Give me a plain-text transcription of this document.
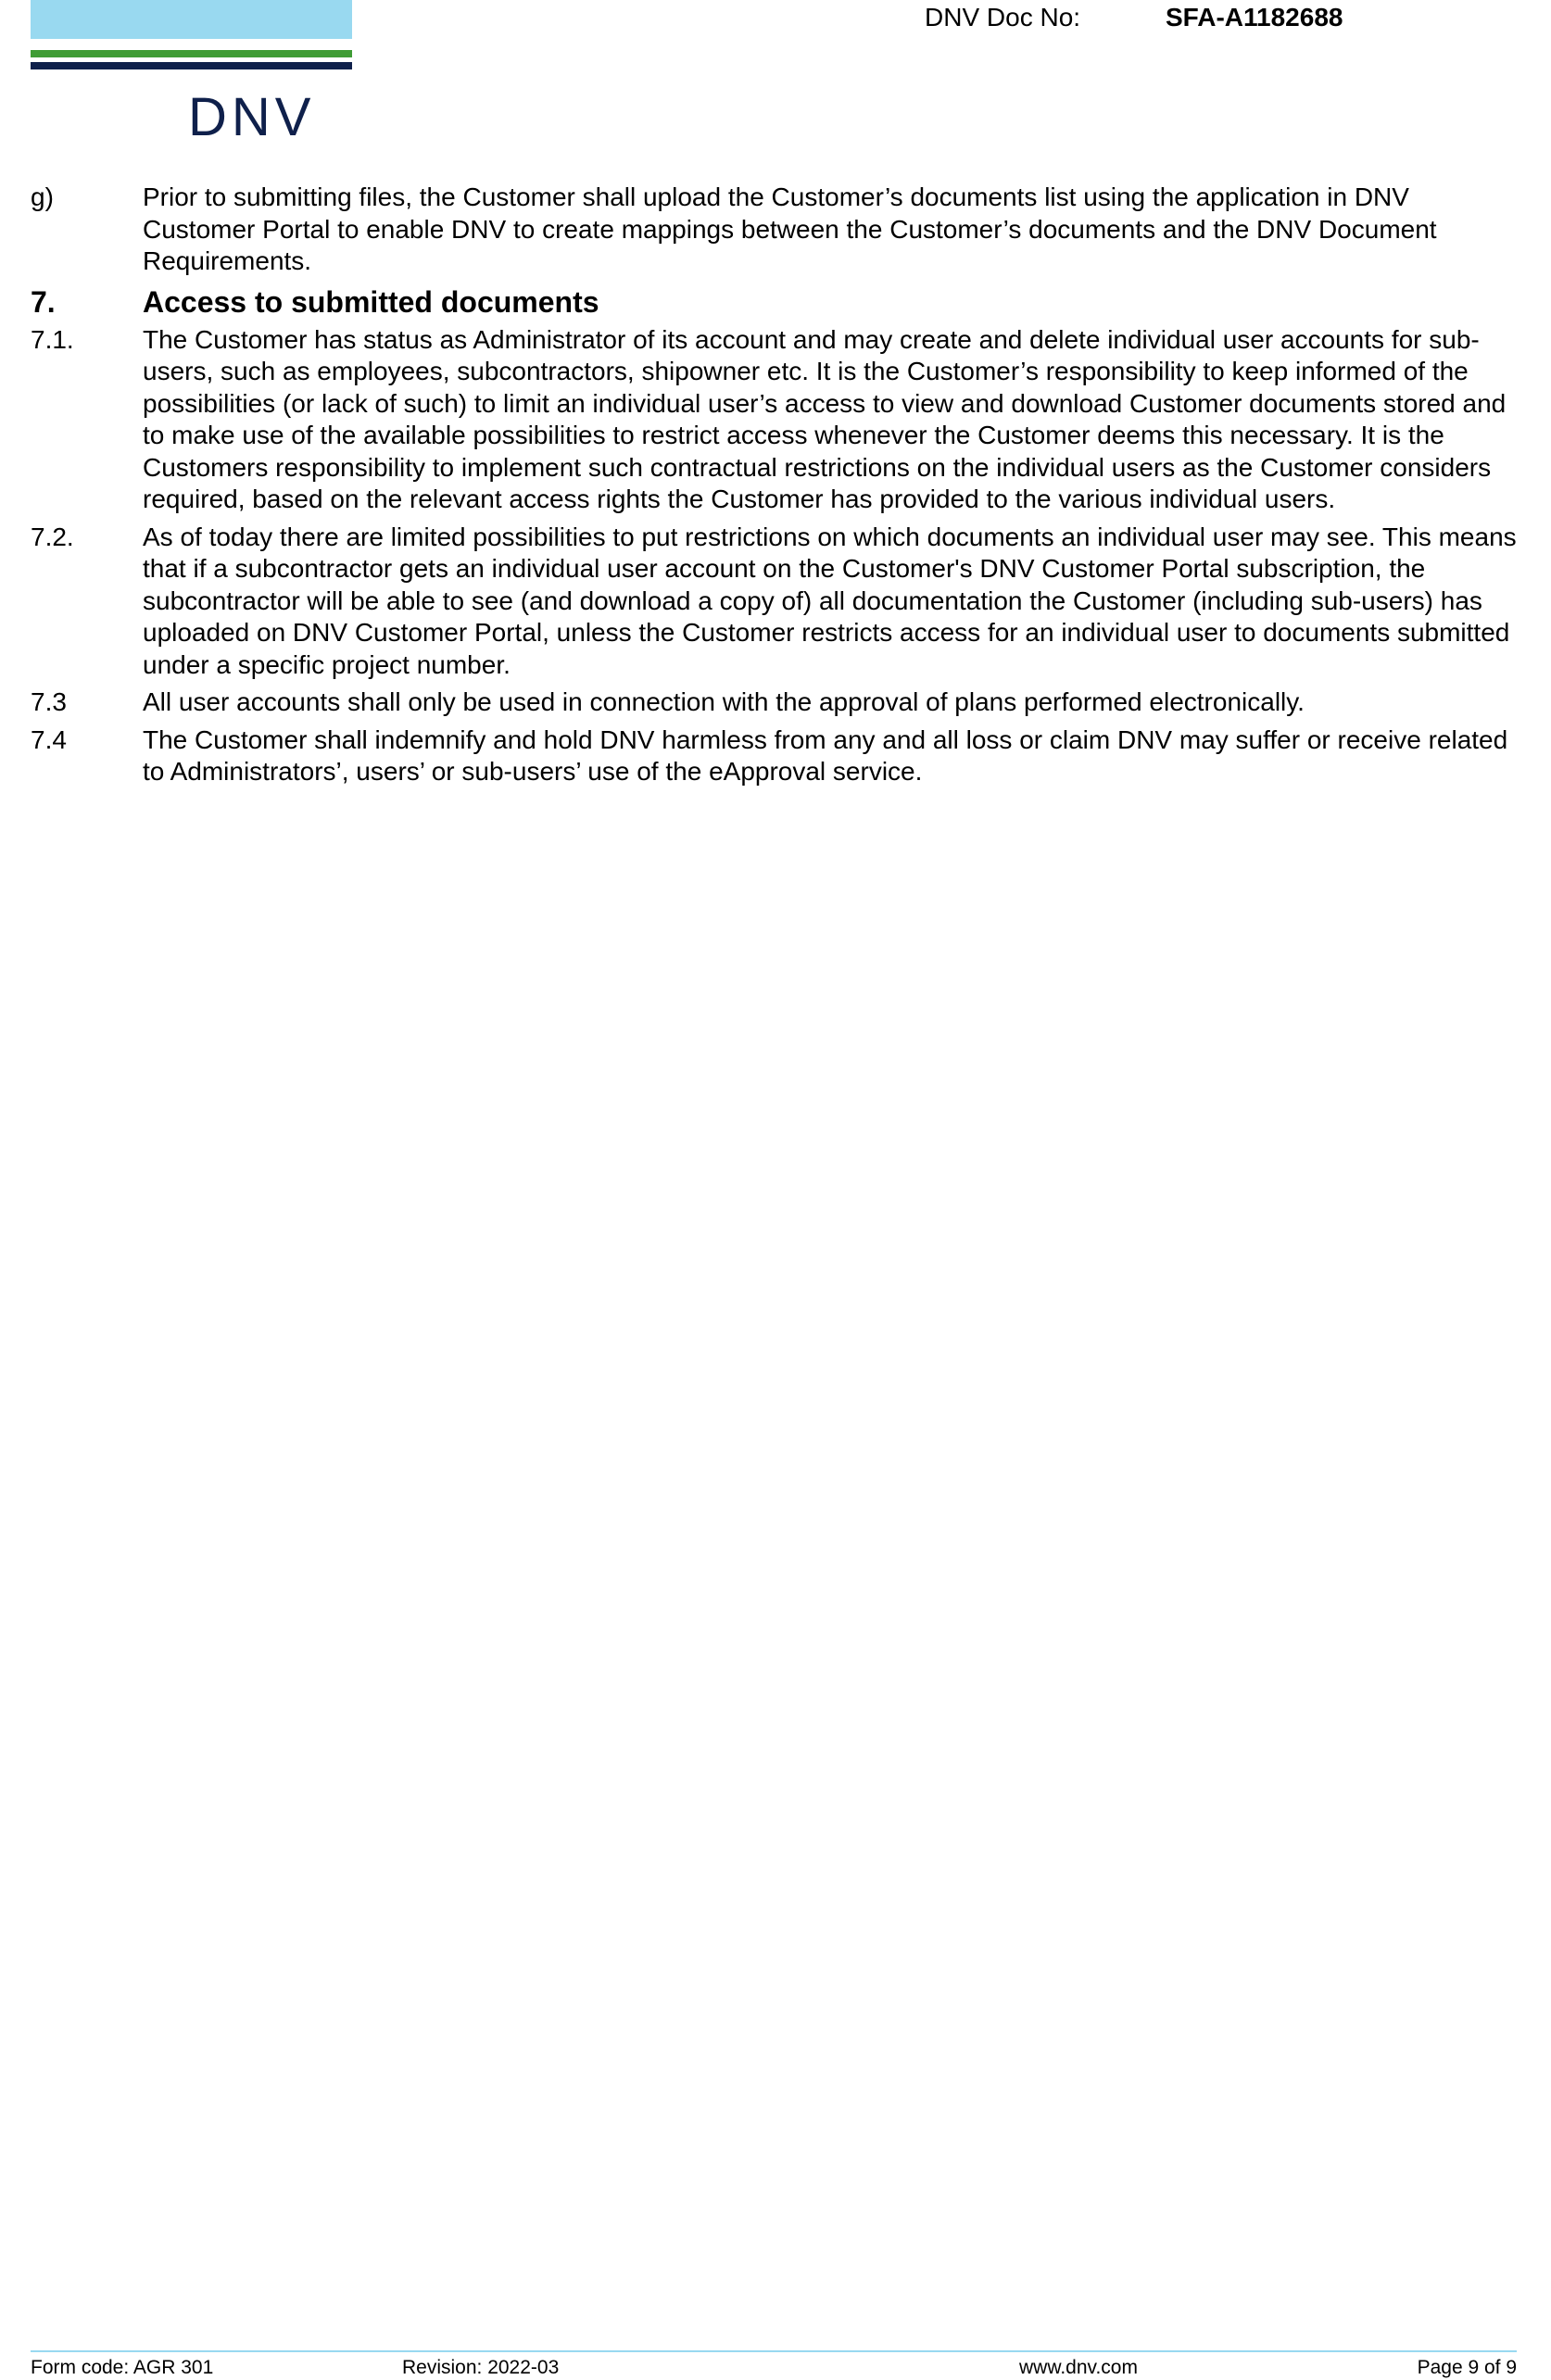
DNV
DNV Doc No:	SFA-A1182688
g)	Prior to submitting files, the Customer shall upload the Customer’s documents list using the application in DNV Customer Portal to enable DNV to create mappings between the Customer’s documents and the DNV Document Requirements.
7.	Access to submitted documents
7.1.	The Customer has status as Administrator of its account and may create and delete individual user accounts for sub-users, such as employees, subcontractors, shipowner etc. It is the Customer’s responsibility to keep informed of the possibilities (or lack of such) to limit an individual user’s access to view and download Customer documents stored and to make use of the available possibilities to restrict access whenever the Customer deems this necessary. It is the Customers responsibility to implement such contractual restrictions on the individual users as the Customer considers required, based on the relevant access rights the Customer has provided to the various individual users.
7.2.	As of today there are limited possibilities to put restrictions on which documents an individual user may see. This means that if a subcontractor gets an individual user account on the Customer's DNV Customer Portal subscription, the subcontractor will be able to see (and download a copy of) all documentation the Customer (including sub-users) has uploaded on DNV Customer Portal, unless the Customer restricts access for an individual user to documents submitted under a specific project number.
7.3	All user accounts shall only be used in connection with the approval of plans performed electronically.
7.4	The Customer shall indemnify and hold DNV harmless from any and all loss or claim DNV may suffer or receive related to Administrators’, users’ or sub-users’ use of the eApproval service.
Form code: AGR 301	Revision: 2022-03	www.dnv.com	Page 9 of 9
